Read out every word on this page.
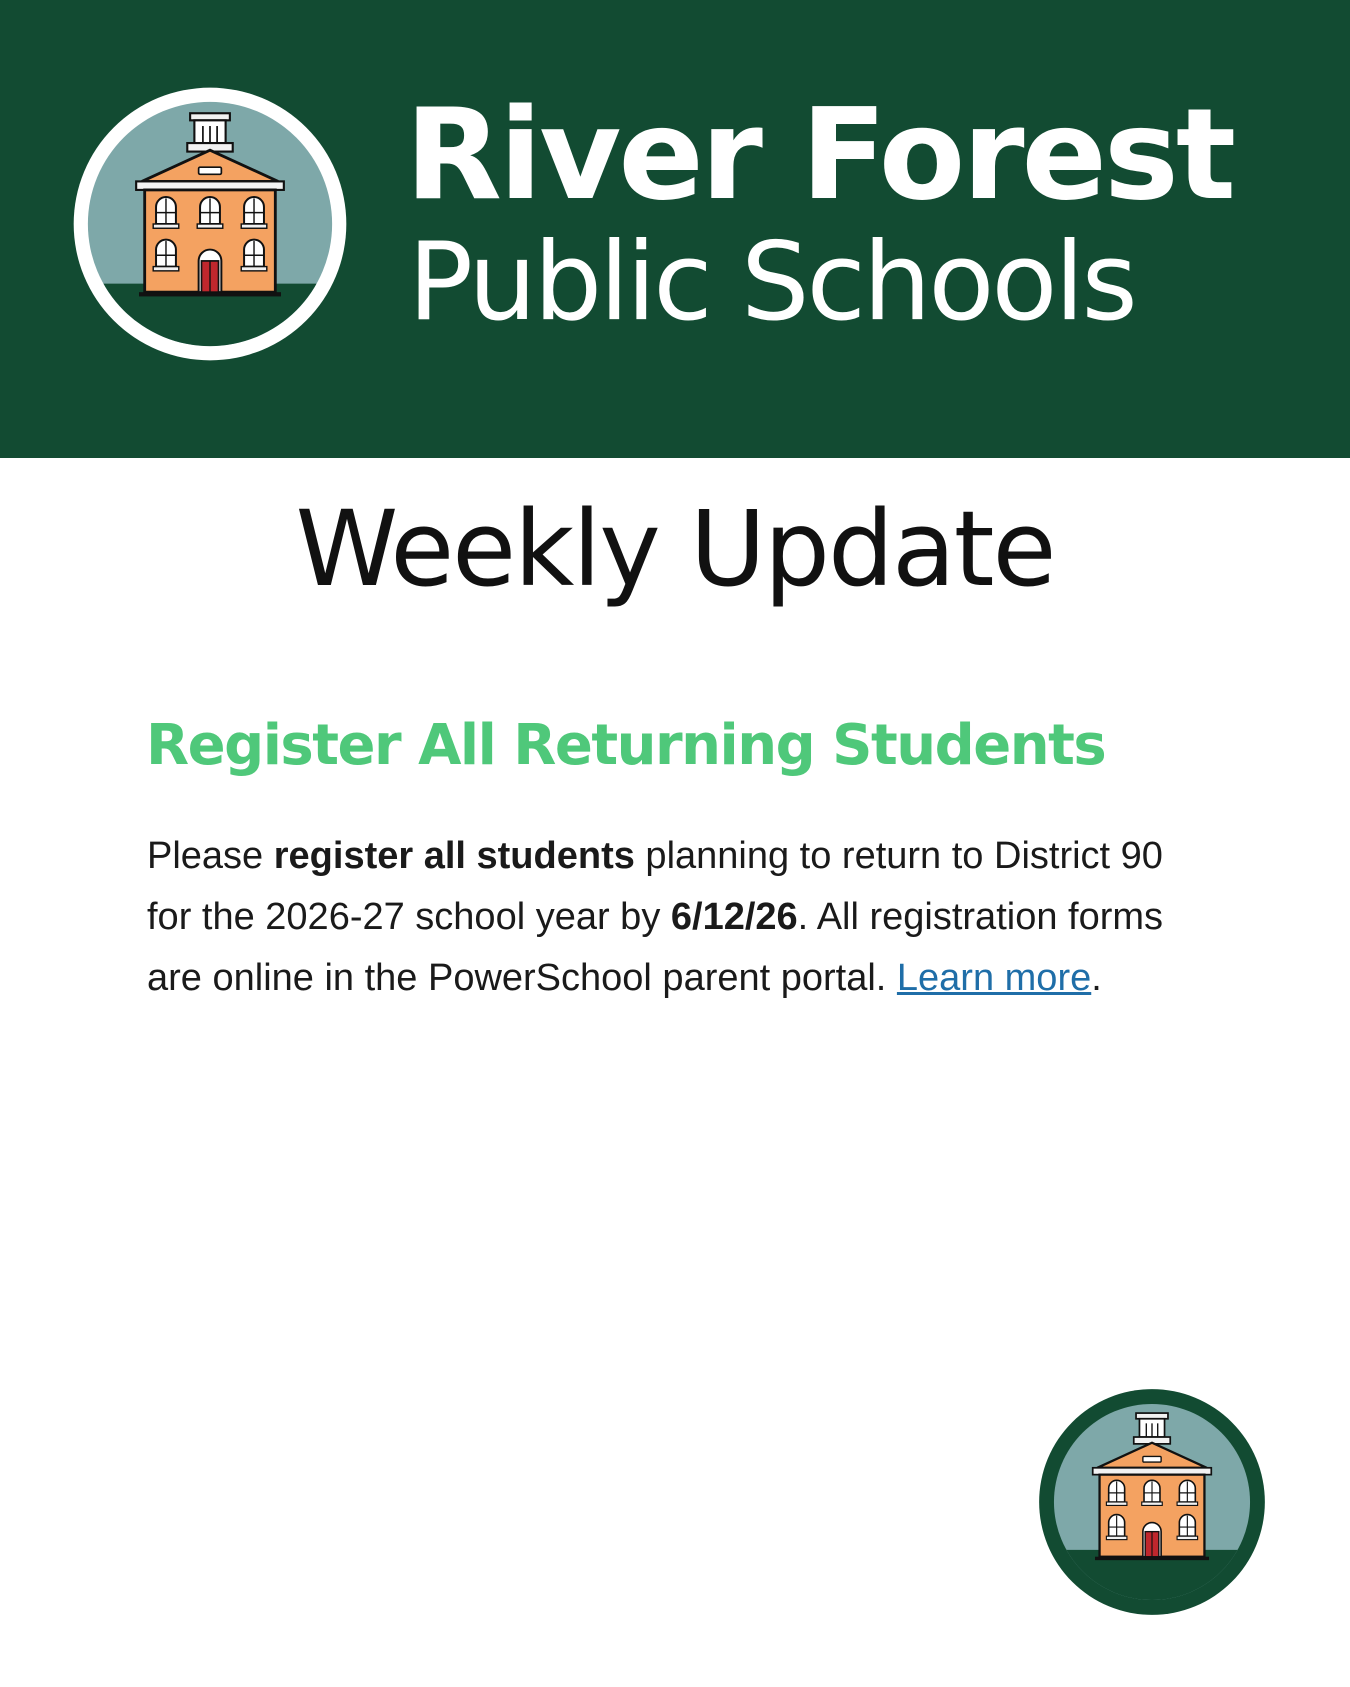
River Forest
Public Schools
Weekly Update
Register All Returning Students

Please register all students planning to return to District 90 for the 2026-27 school year by 6/12/26. All registration forms are online in the PowerSchool parent portal. Learn more.
